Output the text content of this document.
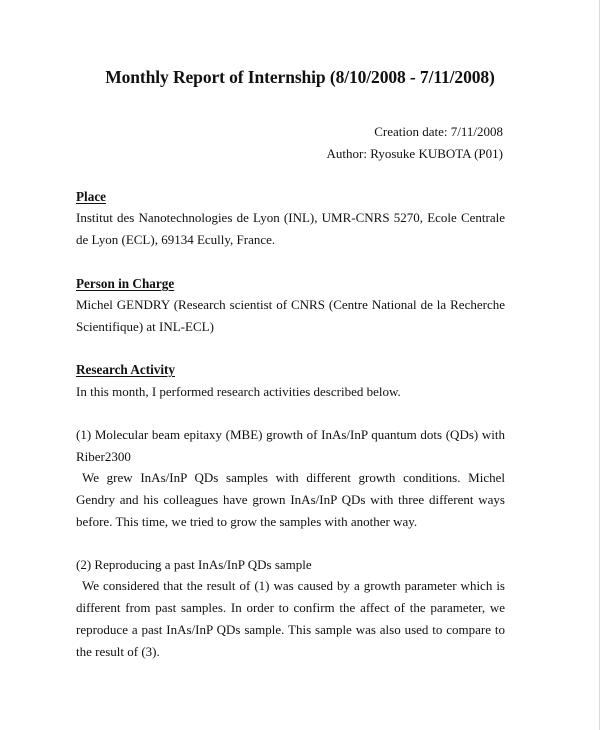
Monthly Report of Internship (8/10/2008 - 7/11/2008)
Creation date: 7/11/2008
Author: Ryosuke KUBOTA (P01)
Place

Institut des Nanotechnologies de Lyon (INL), UMR-CNRS 5270, Ecole Centrale de Lyon (ECL), 69134 Ecully, France.

Person in Charge

Michel GENDRY (Research scientist of CNRS (Centre National de la Recherche Scientifique) at INL-ECL)

Research Activity

In this month, I performed research activities described below.

(1) Molecular beam epitaxy (MBE) growth of InAs/InP quantum dots (QDs) with Riber2300

We grew InAs/InP QDs samples with different growth conditions. Michel Gendry and his colleagues have grown InAs/InP QDs with three different ways before. This time, we tried to grow the samples with another way.

(2) Reproducing a past InAs/InP QDs sample

We considered that the result of (1) was caused by a growth parameter which is different from past samples. In order to confirm the affect of the parameter, we reproduce a past InAs/InP QDs sample. This sample was also used to compare to the result of (3).
